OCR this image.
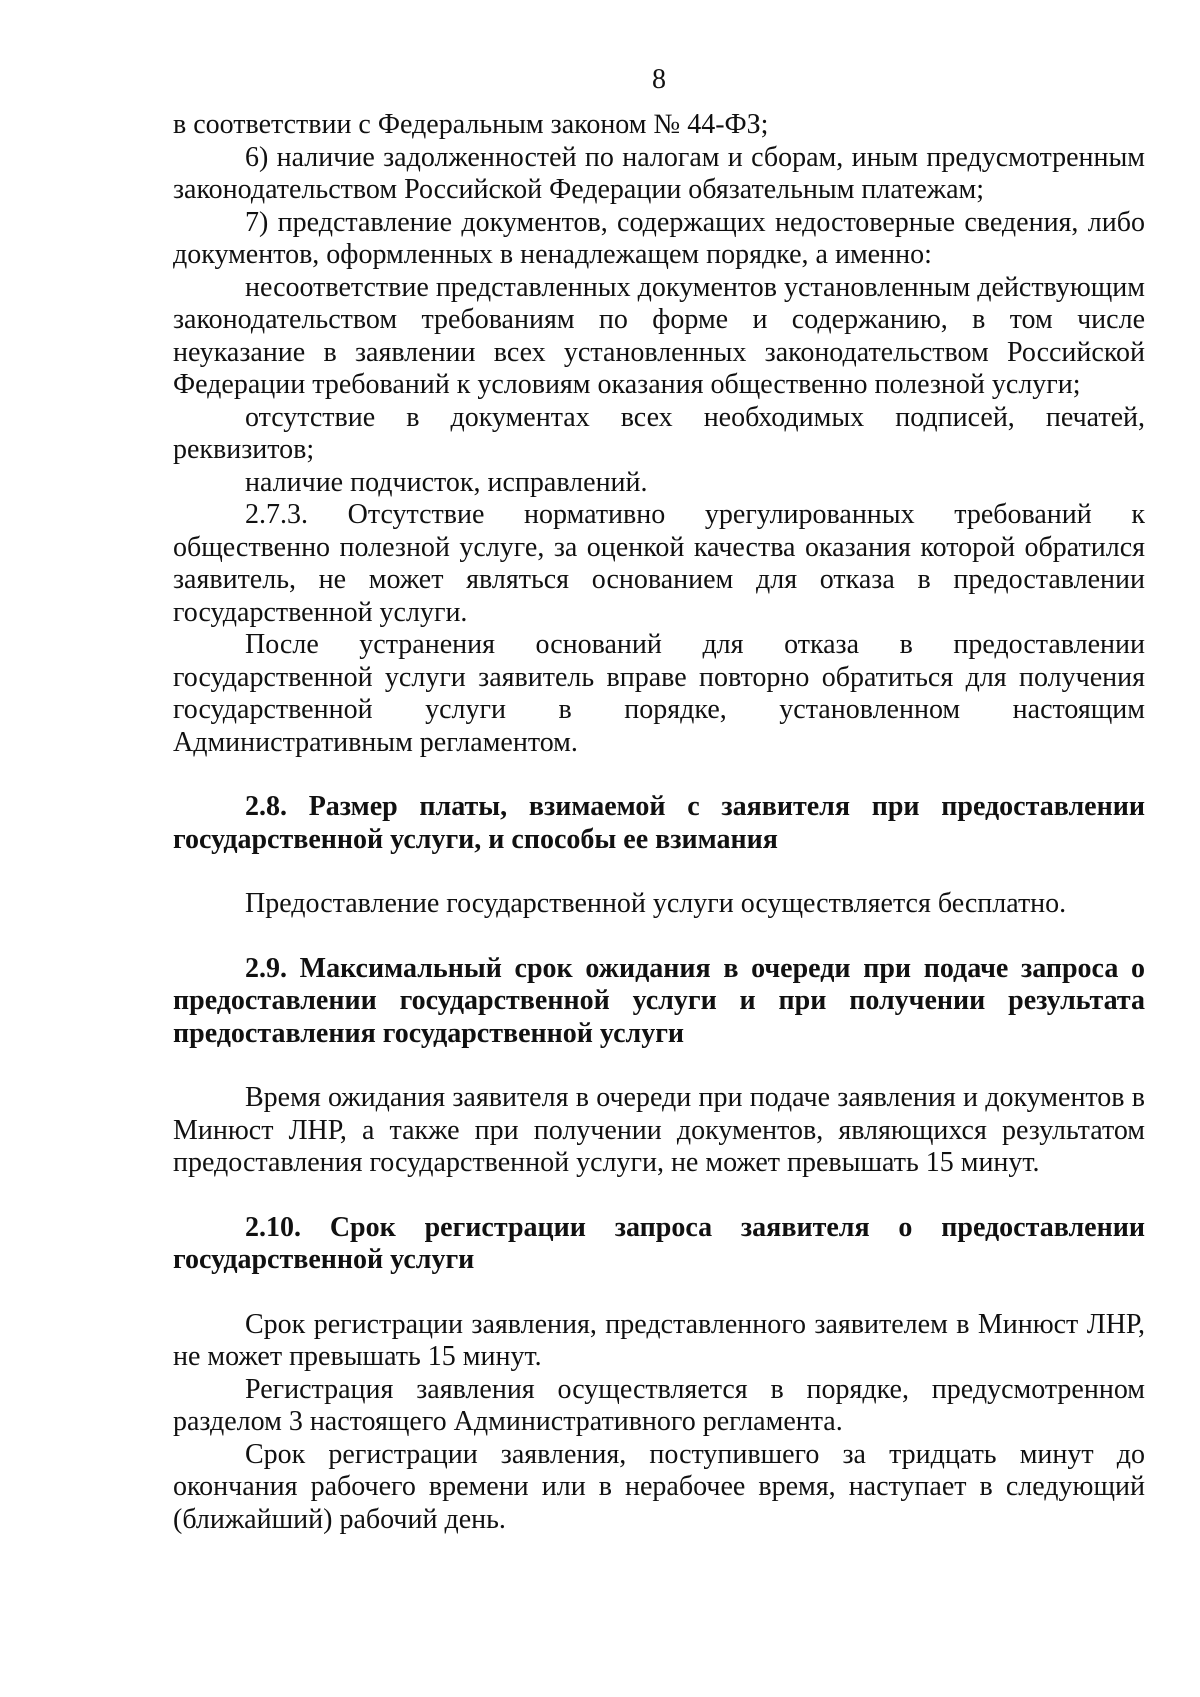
8

в соответствии с Федеральным законом № 44-ФЗ;

6) наличие задолженностей по налогам и сборам, иным предусмотренным законодательством Российской Федерации обязательным платежам;

7) представление документов, содержащих недостоверные сведения, либо документов, оформленных в ненадлежащем порядке, а именно:

несоответствие представленных документов установленным действующим законодательством требованиям по форме и содержанию, в том числе неуказание в заявлении всех установленных законодательством Российской Федерации требований к условиям оказания общественно полезной услуги;

отсутствие в документах всех необходимых подписей, печатей, реквизитов;

наличие подчисток, исправлений.

2.7.3. Отсутствие нормативно урегулированных требований к общественно полезной услуге, за оценкой качества оказания которой обратился заявитель, не может являться основанием для отказа в предоставлении государственной услуги.

После устранения оснований для отказа в предоставлении государственной услуги заявитель вправе повторно обратиться для получения государственной услуги в порядке, установленном настоящим Административным регламентом.

2.8. Размер платы, взимаемой с заявителя при предоставлении государственной услуги, и способы ее взимания

Предоставление государственной услуги осуществляется бесплатно.

2.9. Максимальный срок ожидания в очереди при подаче запроса о предоставлении государственной услуги и при получении результата предоставления государственной услуги

Время ожидания заявителя в очереди при подаче заявления и документов в Минюст ЛНР, а также при получении документов, являющихся результатом предоставления государственной услуги, не может превышать 15 минут.

2.10. Срок регистрации запроса заявителя о предоставлении государственной услуги

Срок регистрации заявления, представленного заявителем в Минюст ЛНР, не может превышать 15 минут.

Регистрация заявления осуществляется в порядке, предусмотренном разделом 3 настоящего Административного регламента.

Срок регистрации заявления, поступившего за тридцать минут до окончания рабочего времени или в нерабочее время, наступает в следующий (ближайший) рабочий день.
